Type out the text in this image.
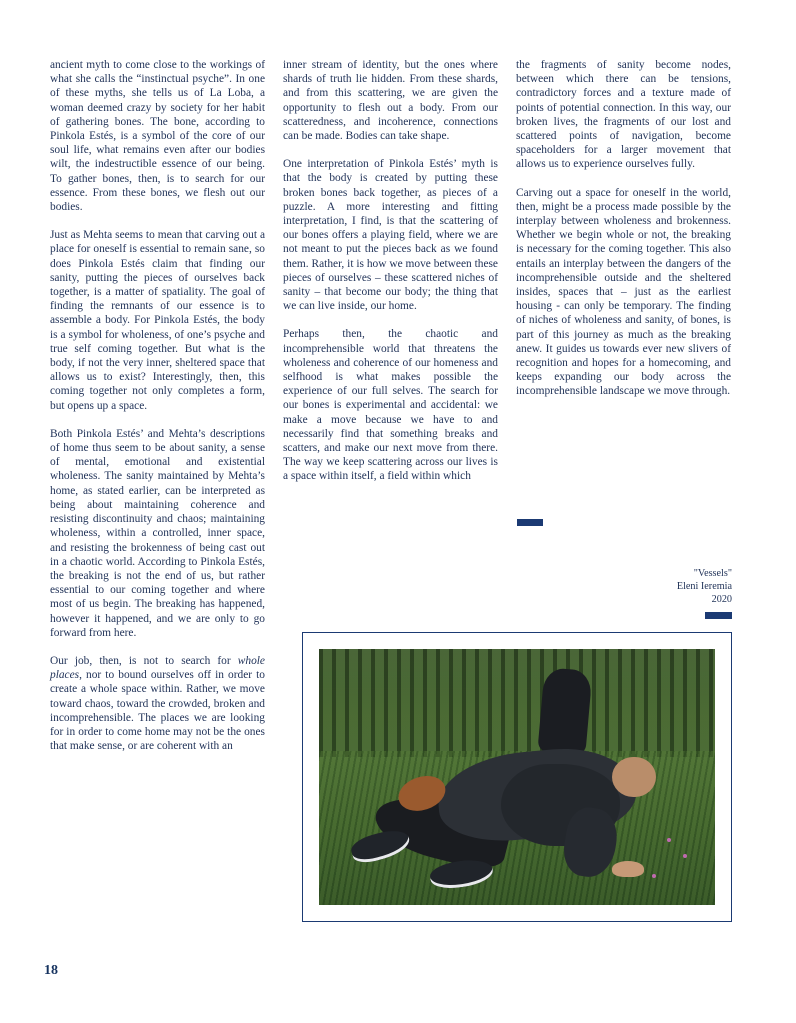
ancient myth to come close to the workings of what she calls the “instinctual psyche”. In one of these myths, she tells us of La Loba, a woman deemed crazy by society for her habit of gathering bones. The bone, according to Pinkola Estés, is a symbol of the core of our soul life, what remains even after our bodies wilt, the indestructible essence of our being. To gather bones, then, is to search for our essence. From these bones, we flesh out our bodies.

Just as Mehta seems to mean that carving out a place for oneself is essential to remain sane, so does Pinkola Estés claim that finding our sanity, putting the pieces of ourselves back together, is a matter of spatiality. The goal of finding the remnants of our essence is to assemble a body. For Pinkola Estés, the body is a symbol for wholeness, of one’s psyche and true self coming together. But what is the body, if not the very inner, sheltered space that allows us to exist? Interestingly, then, this coming together not only completes a form, but opens up a space.

Both Pinkola Estés’ and Mehta’s descriptions of home thus seem to be about sanity, a sense of mental, emotional and existential wholeness. The sanity maintained by Mehta’s home, as stated earlier, can be interpreted as being about maintaining coherence and resisting discontinuity and chaos; maintaining wholeness, within a controlled, inner space, and resisting the brokenness of being cast out in a chaotic world. According to Pinkola Estés, the breaking is not the end of us, but rather essential to our coming together and where most of us begin. The breaking has happened, however it happened, and we are only to go forward from here.

Our job, then, is not to search for whole places, nor to bound ourselves off in order to create a whole space within. Rather, we move toward chaos, toward the crowded, broken and incomprehensible. The places we are looking for in order to come home may not be the ones that make sense, or are coherent with an

inner stream of identity, but the ones where shards of truth lie hidden. From these shards, and from this scattering, we are given the opportunity to flesh out a body. From our scatteredness, and incoherence, connections can be made. Bodies can take shape.

One interpretation of Pinkola Estés’ myth is that the body is created by putting these broken bones back together, as pieces of a puzzle. A more interesting and fitting interpretation, I find, is that the scattering of our bones offers a playing field, where we are not meant to put the pieces back as we found them. Rather, it is how we move between these pieces of ourselves – these scattered niches of sanity – that become our body; the thing that we can live inside, our home.

Perhaps then, the chaotic and incomprehensible world that threatens the wholeness and coherence of our homeness and selfhood is what makes possible the experience of our full selves. The search for our bones is experimental and accidental: we make a move because we have to and necessarily find that something breaks and scatters, and make our next move from there. The way we keep scattering across our lives is a space within itself, a field within which

the fragments of sanity become nodes, between which there can be tensions, contradictory forces and a texture made of points of potential connection. In this way, our broken lives, the fragments of our lost and scattered points of navigation, become spaceholders for a larger movement that allows us to experience ourselves fully.

Carving out a space for oneself in the world, then, might be a process made possible by the interplay between wholeness and brokenness. Whether we begin whole or not, the breaking is necessary for the coming together. This also entails an interplay between the dangers of the incomprehensible outside and the sheltered insides, spaces that – just as the earliest housing - can only be temporary. The finding of niches of wholeness and sanity, of bones, is part of this journey as much as the breaking anew. It guides us towards ever new slivers of recognition and hopes for a homecoming, and keeps expanding our body across the incomprehensible landscape we move through.

"Vessels"
Eleni Ieremia
2020
18
